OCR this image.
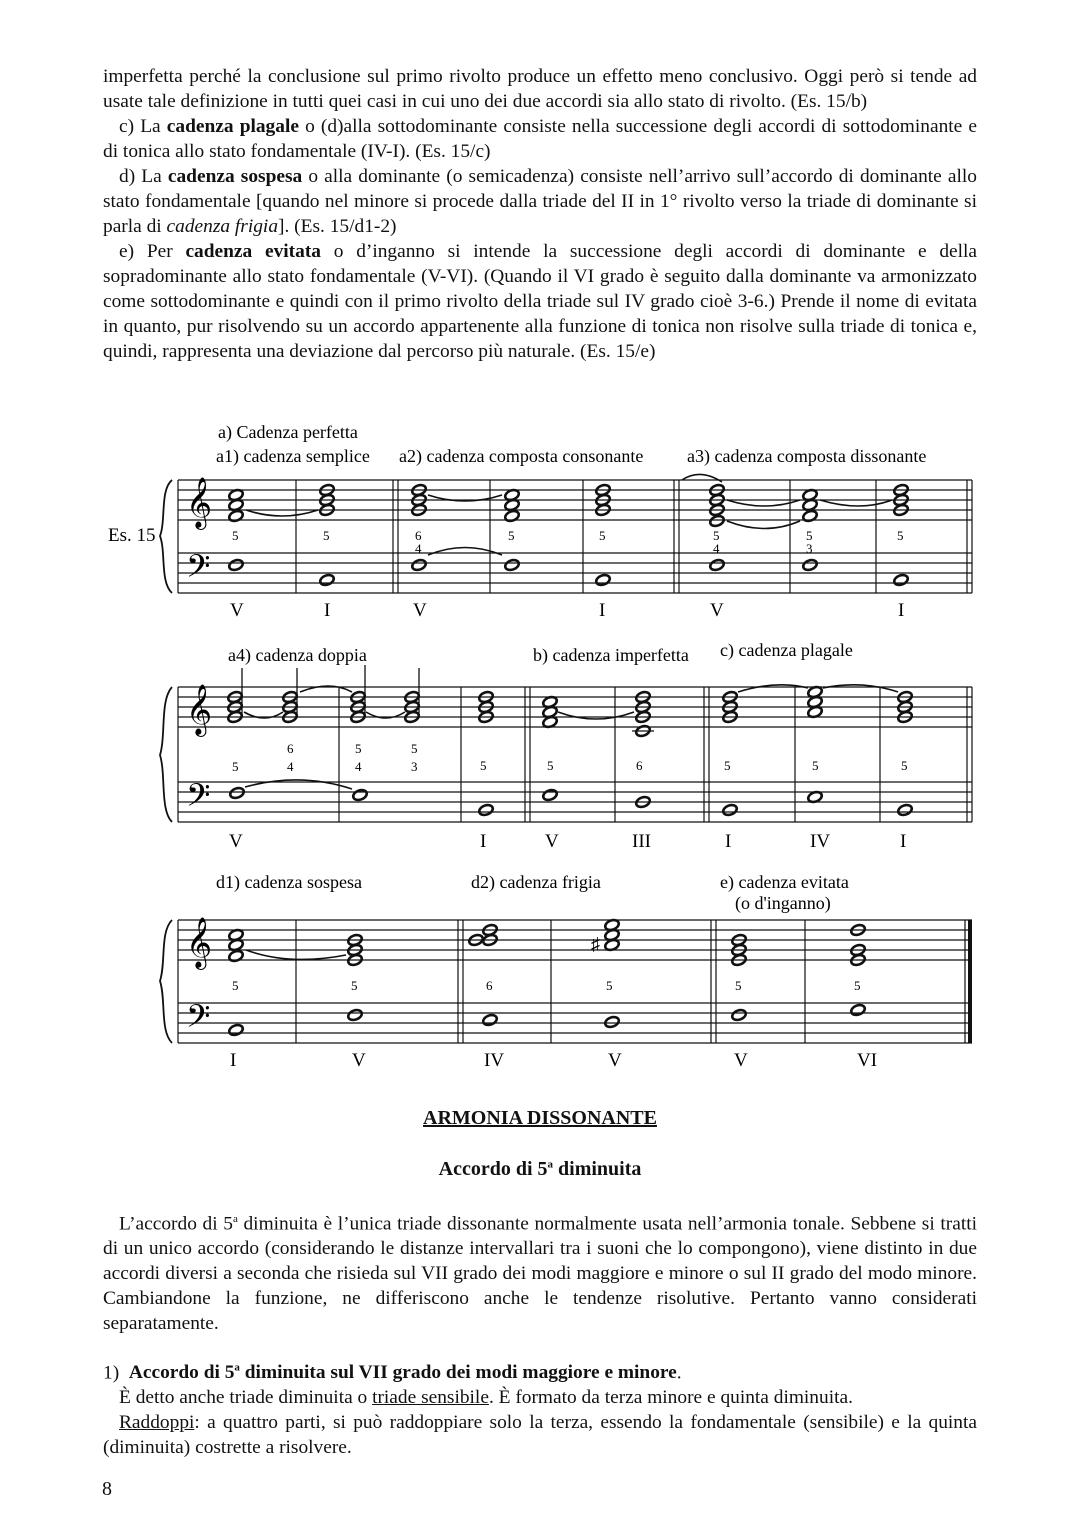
imperfetta perché la conclusione sul primo rivolto produce un effetto meno conclusivo. Oggi però si tende ad usate tale definizione in tutti quei casi in cui uno dei due accordi sia allo stato di rivolto. (Es. 15/b)

c) La cadenza plagale o (d)alla sottodominante consiste nella successione degli accordi di sottodominante e di tonica allo stato fondamentale (IV-I). (Es. 15/c)

d) La cadenza sospesa o alla dominante (o semicadenza) consiste nell’arrivo sull’accordo di dominante allo stato fondamentale [quando nel minore si procede dalla triade del II in 1° rivolto verso la triade di dominante si parla di cadenza frigia]. (Es. 15/d1-2)

e) Per cadenza evitata o d’inganno si intende la successione degli accordi di dominante e della sopradominante allo stato fondamentale (V-VI). (Quando il VI grado è seguito dalla dominante va armonizzato come sottodominante e quindi con il primo rivolto della triade sul IV grado cioè 3-6.) Prende il nome di evitata in quanto, pur risolvendo su un accordo appartenente alla funzione di tonica non risolve sulla triade di tonica e, quindi, rappresenta una deviazione dal percorso più naturale. (Es. 15/e)

a) Cadenza perfetta
a1) cadenza semplice a2) cadenza composta consonante a3) cadenza composta dissonante
Es. 15
𝄞
𝄢
5	5	6
4
5	5	5
4
5
3
5
V	I	V	I	V	I
a4) cadenza doppia	b) cadenza imperfetta c) cadenza plagale
𝄞
𝄢
5
6
4
5
4
5
3	5	5	6	5	5	5
V	I	V	III	I	IV	I
d1) cadenza sospesa	d2) cadenza frigia	e) cadenza evitata
(o d'inganno)
𝄞
𝄢
♯
5	5	6	5	5	5
I	V	IV	V	V	VI
ARMONIA DISSONANTE
Accordo di 5$^a$ diminuita

L’accordo di 5$^a$ diminuita è l’unica triade dissonante normalmente usata nell’armonia tonale. Sebbene si tratti di un unico accordo (considerando le distanze intervallari tra i suoni che lo compongono), viene distinto in due accordi diversi a seconda che risieda sul VII grado dei modi maggiore e minore o sul II grado del modo minore. Cambiandone la funzione, ne differiscono anche le tendenze risolutive. Pertanto vanno considerati separatamente.

1) Accordo di 5$^a$ diminuita sul VII grado dei modi maggiore e minore.

È detto anche triade diminuita o triade sensibile. È formato da terza minore e quinta diminuita.

Raddoppi: a quattro parti, si può raddoppiare solo la terza, essendo la fondamentale (sensibile) e la quinta (diminuita) costrette a risolvere.

8
